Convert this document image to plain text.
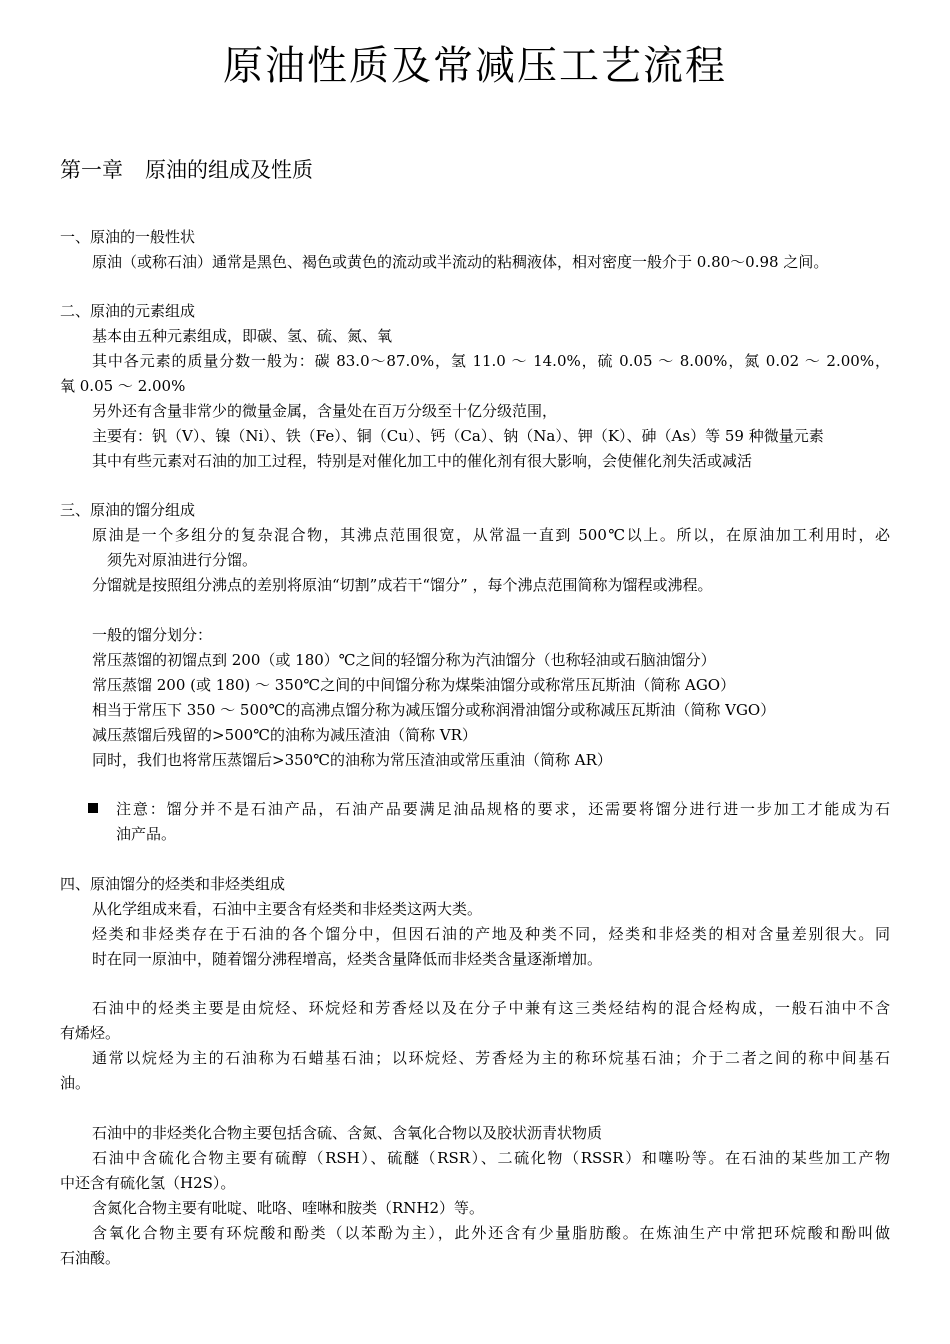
原油性质及常减压工艺流程
第一章 原油的组成及性质
一、原油的一般性状
原油（或称石油）通常是黑色、褐色或黄色的流动或半流动的粘稠液体，相对密度一般介于 0.80～0.98 之间。
二、原油的元素组成
基本由五种元素组成，即碳、氢、硫、氮、氧
其中各元素的质量分数一般为：碳 83.0～87.0%，氢 11.0 ～ 14.0%，硫 0.05 ～ 8.00%，氮 0.02 ～ 2.00%，
氧 0.05 ～ 2.00%
另外还有含量非常少的微量金属，含量处在百万分级至十亿分级范围，
主要有：钒（V）、镍（Ni）、铁（Fe）、铜（Cu）、钙（Ca）、钠（Na）、钾（K）、砷（As）等 59 种微量元素
其中有些元素对石油的加工过程，特别是对催化加工中的催化剂有很大影响，会使催化剂失活或减活
三、原油的馏分组成
原油是一个多组分的复杂混合物，其沸点范围很宽，从常温一直到 500℃以上。所以，在原油加工利用时，必
须先对原油进行分馏。
分馏就是按照组分沸点的差别将原油“切割”成若干“馏分” ，每个沸点范围简称为馏程或沸程。
一般的馏分划分：
常压蒸馏的初馏点到 200（或 180）℃之间的轻馏分称为汽油馏分（也称轻油或石脑油馏分）
常压蒸馏 200 (或 180) ～ 350℃之间的中间馏分称为煤柴油馏分或称常压瓦斯油（简称 AGO）
相当于常压下 350 ～ 500℃的高沸点馏分称为减压馏分或称润滑油馏分或称减压瓦斯油（简称 VGO）
减压蒸馏后残留的>500℃的油称为减压渣油（简称 VR）
同时，我们也将常压蒸馏后>350℃的油称为常压渣油或常压重油（简称 AR）
注意：馏分并不是石油产品，石油产品要满足油品规格的要求，还需要将馏分进行进一步加工才能成为石
油产品。
四、原油馏分的烃类和非烃类组成
从化学组成来看，石油中主要含有烃类和非烃类这两大类。
烃类和非烃类存在于石油的各个馏分中，但因石油的产地及种类不同，烃类和非烃类的相对含量差别很大。同
时在同一原油中，随着馏分沸程增高，烃类含量降低而非烃类含量逐渐增加。
石油中的烃类主要是由烷烃、环烷烃和芳香烃以及在分子中兼有这三类烃结构的混合烃构成，一般石油中不含
有烯烃。
通常以烷烃为主的石油称为石蜡基石油；以环烷烃、芳香烃为主的称环烷基石油；介于二者之间的称中间基石
油。
石油中的非烃类化合物主要包括含硫、含氮、含氧化合物以及胶状沥青状物质
石油中含硫化合物主要有硫醇（RSH）、硫醚（RSR）、二硫化物（RSSR）和噻吩等。在石油的某些加工产物
中还含有硫化氢（H2S）。
含氮化合物主要有吡啶、吡咯、喹啉和胺类（RNH2）等。
含氧化合物主要有环烷酸和酚类（以苯酚为主），此外还含有少量脂肪酸。在炼油生产中常把环烷酸和酚叫做
石油酸。
